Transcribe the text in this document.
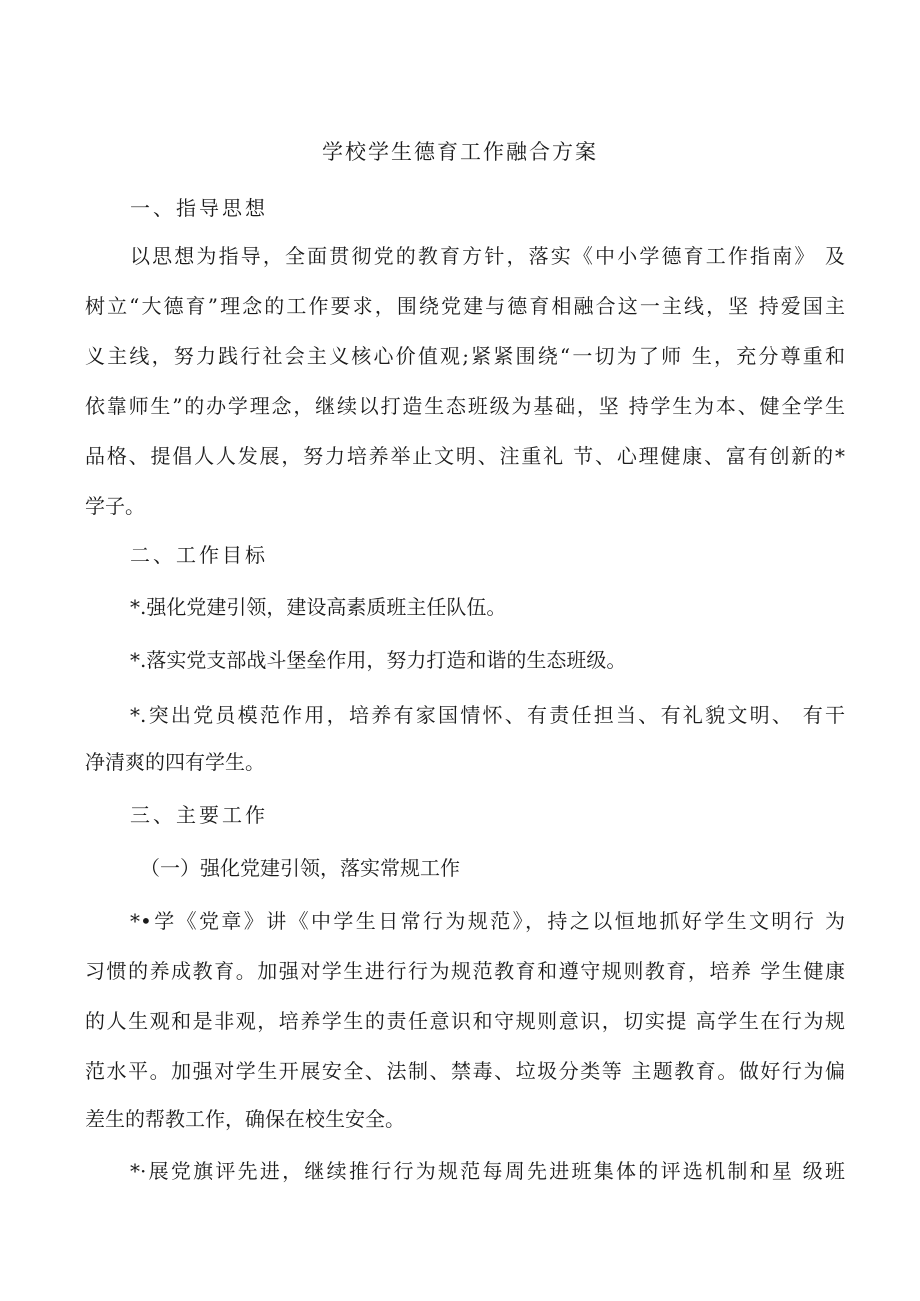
学校学生德育工作融合方案
一、指导思想
以思想为指导，全面贯彻党的教育方针，落实《中小学德育工作指南》 及
树立“大德育”理念的工作要求，围绕党建与德育相融合这一主线，坚 持爱国主
义主线，努力践行社会主义核心价值观;紧紧围绕“一切为了师 生，充分尊重和
依靠师生”的办学理念，继续以打造生态班级为基础，坚 持学生为本、健全学生
品格、提倡人人发展，努力培养举止文明、注重礼 节、心理健康、富有创新的*
学子。
二、工作目标
*.强化党建引领，建设高素质班主任队伍。
*.落实党支部战斗堡垒作用，努力打造和谐的生态班级。
*.突出党员模范作用，培养有家国情怀、有责任担当、有礼貌文明、 有干
净清爽的四有学生。
三、主要工作
（一）强化党建引领，落实常规工作
*•学《党章》讲《中学生日常行为规范》，持之以恒地抓好学生文明行 为
习惯的养成教育。加强对学生进行行为规范教育和遵守规则教育，培养 学生健康
的人生观和是非观，培养学生的责任意识和守规则意识，切实提 高学生在行为规
范水平。加强对学生开展安全、法制、禁毒、垃圾分类等 主题教育。做好行为偏
差生的帮教工作，确保在校生安全。
*·展党旗评先进，继续推行行为规范每周先进班集体的评选机制和星 级班
